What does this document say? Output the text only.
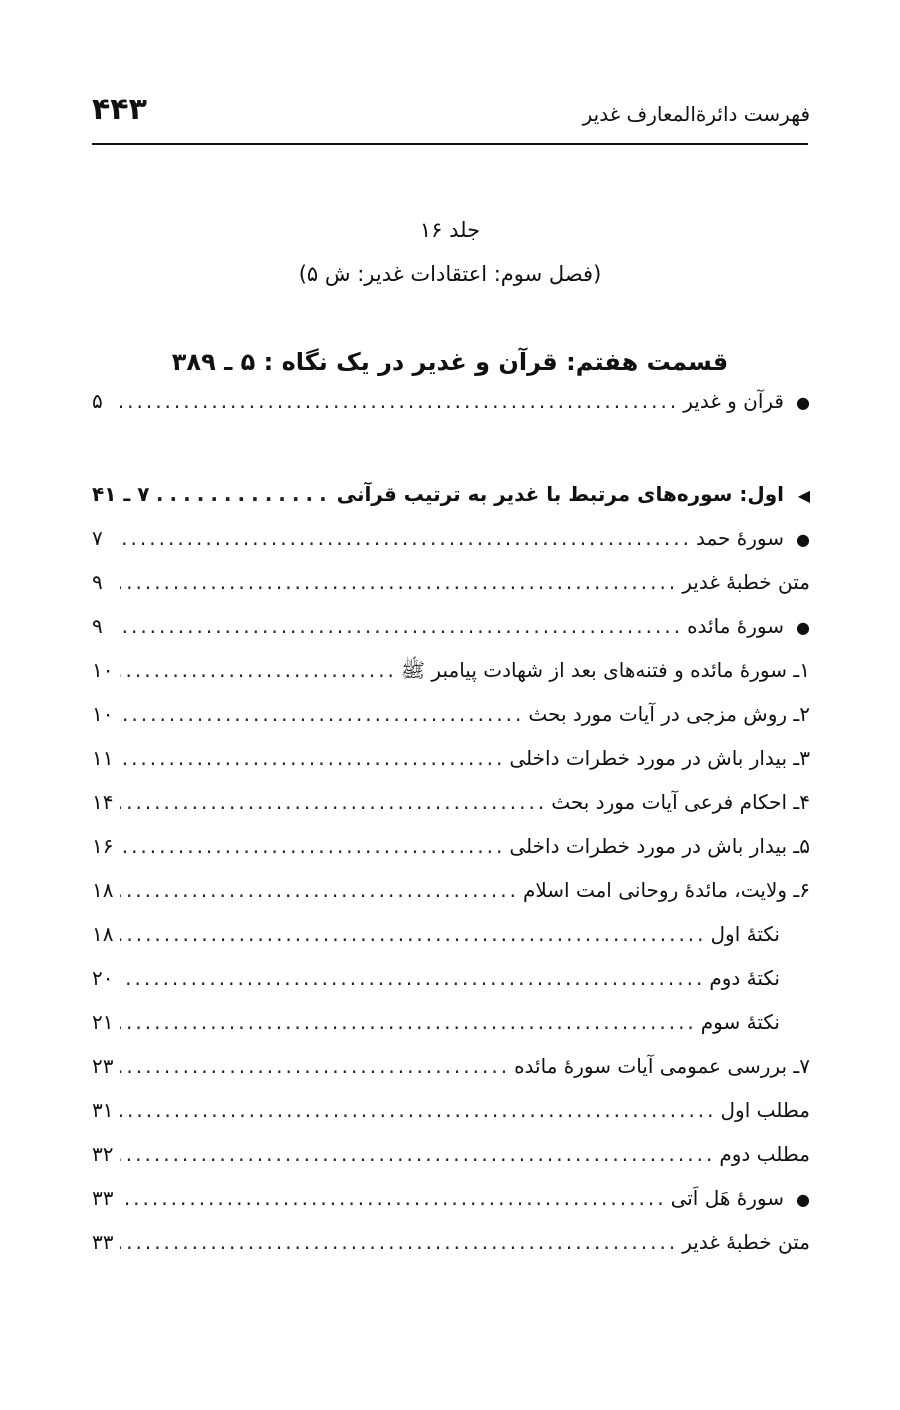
فهرست دائرةالمعارف غدیر
۴۴۳
جلد ۱۶
(فصل سوم: اعتقادات غدیر: ش ۵)
قسمت هفتم: قرآن و غدیر در یک نگاه : ۵ ـ ۳۸۹
●
قرآن و غدیر
.....
۵
◀
اول: سوره‌های مرتبط با غدیر به ترتیب قرآنی
.....
۷ ـ ۴۱
●
سورۀ حمد
.....
۷
متن خطبۀ غدیر
.....
۹
●
سورۀ مائده
.....
۹
۱ـ سورۀ مائده و فتنه‌های بعد از شهادت پیامبر ﷺ
.....
۱۰
۲ـ روش مزجی در آیات مورد بحث
.....
۱۰
۳ـ بیدار باش در مورد خطرات داخلی
.....
۱۱
۴ـ احکام فرعی آیات مورد بحث
.....
۱۴
۵ـ بیدار باش در مورد خطرات داخلی
.....
۱۶
۶ـ ولایت، مائدۀ روحانی امت اسلام
.....
۱۸
نکتۀ اول
.....
۱۸
نکتۀ دوم
.....
۲۰
نکتۀ سوم
.....
۲۱
۷ـ بررسی عمومی آیات سورۀ مائده
.....
۲۳
مطلب اول
.....
۳۱
مطلب دوم
.....
۳۲
●
سورۀ هَل اَتی
.....
۳۳
متن خطبۀ غدیر
.....
۳۳
